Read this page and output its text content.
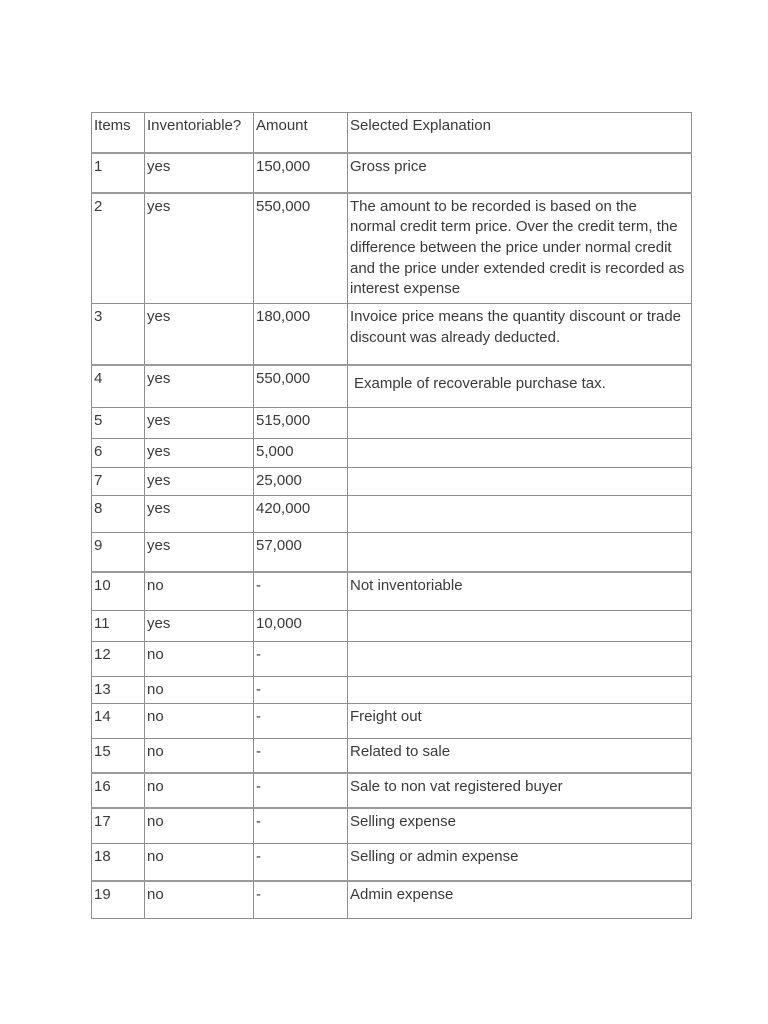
Items	Inventoriable?	Amount	Selected Explanation
1	yes	150,000	Gross price
2	yes	550,000	The amount to be recorded is based on the
normal credit term price. Over the credit term, the
difference between the price under normal credit
and the price under extended credit is recorded as
interest expense
3	yes	180,000	Invoice price means the quantity discount or trade
discount was already deducted.
4	yes	550,000	Example of recoverable purchase tax.
5	yes	515,000	
6	yes	5,000	
7	yes	25,000	
8	yes	420,000	
9	yes	57,000	
10	no	-	Not inventoriable
11	yes	10,000	
12	no	-	
13	no	-	
14	no	-	Freight out
15	no	-	Related to sale
16	no	-	Sale to non vat registered buyer
17	no	-	Selling expense
18	no	-	Selling or admin expense
19	no	-	Admin expense
